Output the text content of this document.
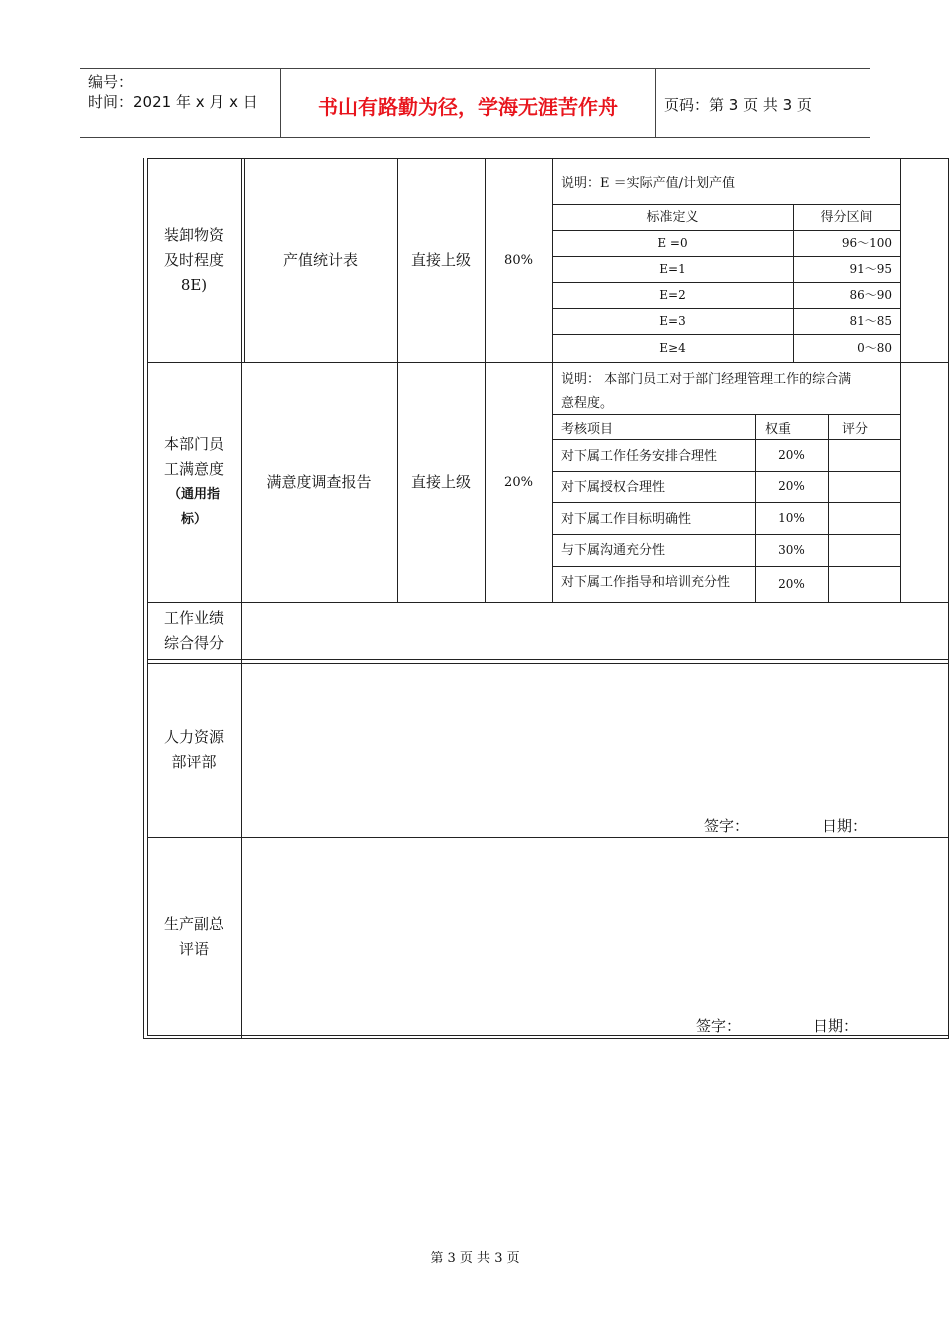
编号：
时间：2021 年 x 月 x 日	书山有路勤为径，学海无涯苦作舟	页码：第 3 页 共 3 页
装卸物资
及时程度
8E)
产值统计表	直接上级	80%
说明：E ＝实际产值/计划产值
标准定义	得分区间
E =0	96～100
E=1	91～95
E=2	86～90
E=3	81～85
E≥4	0～80
本部门员
工满意度
（通用指
标）
满意度调查报告	直接上级	20%
说明： 本部门员工对于部门经理管理工作的综合满
意程度。
考核项目	权重	评分
对下属工作任务安排合理性	20%
对下属授权合理性	20%
对下属工作目标明确性	10%
与下属沟通充分性	30%
对下属工作指导和培训充分性	20%
工作业绩
综合得分
人力资源
部评部
签字：	日期：
生产副总
评语
签字：	日期：
第 3 页 共 3 页
